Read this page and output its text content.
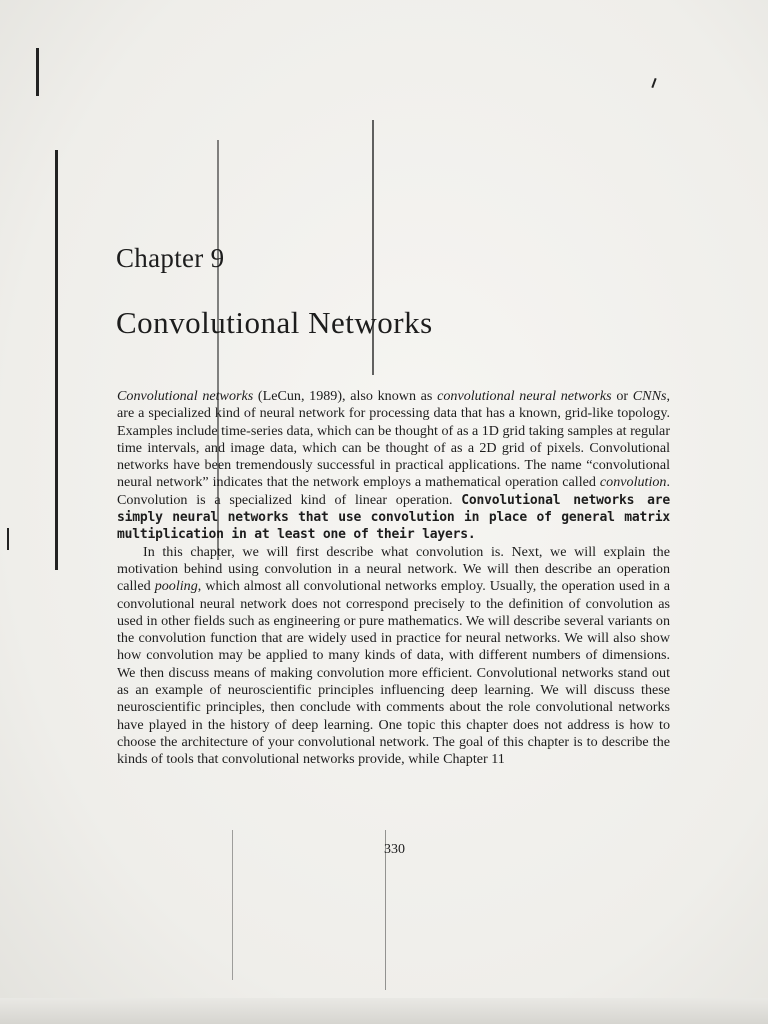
Chapter 9
Convolutional Networks

Convolutional networks (LeCun, 1989), also known as convolutional neural networks or CNNs, are a specialized kind of neural network for processing data that has a known, grid-like topology. Examples include time-series data, which can be thought of as a 1D grid taking samples at regular time intervals, and image data, which can be thought of as a 2D grid of pixels. Convolutional networks have been tremendously successful in practical applications. The name “convolutional neural network” indicates that the network employs a mathematical operation called convolution. Convolution is a specialized kind of linear operation. Convolutional networks are simply neural networks that use convolution in place of general matrix multiplication in at least one of their layers.

In this chapter, we will first describe what convolution is. Next, we will explain the motivation behind using convolution in a neural network. We will then describe an operation called pooling, which almost all convolutional networks employ. Usually, the operation used in a convolutional neural network does not correspond precisely to the definition of convolution as used in other fields such as engineering or pure mathematics. We will describe several variants on the convolution function that are widely used in practice for neural networks. We will also show how convolution may be applied to many kinds of data, with different numbers of dimensions. We then discuss means of making convolution more efficient. Convolutional networks stand out as an example of neuroscientific principles influencing deep learning. We will discuss these neuroscientific principles, then conclude with comments about the role convolutional networks have played in the history of deep learning. One topic this chapter does not address is how to choose the architecture of your convolutional network. The goal of this chapter is to describe the kinds of tools that convolutional networks provide, while Chapter 11

330
